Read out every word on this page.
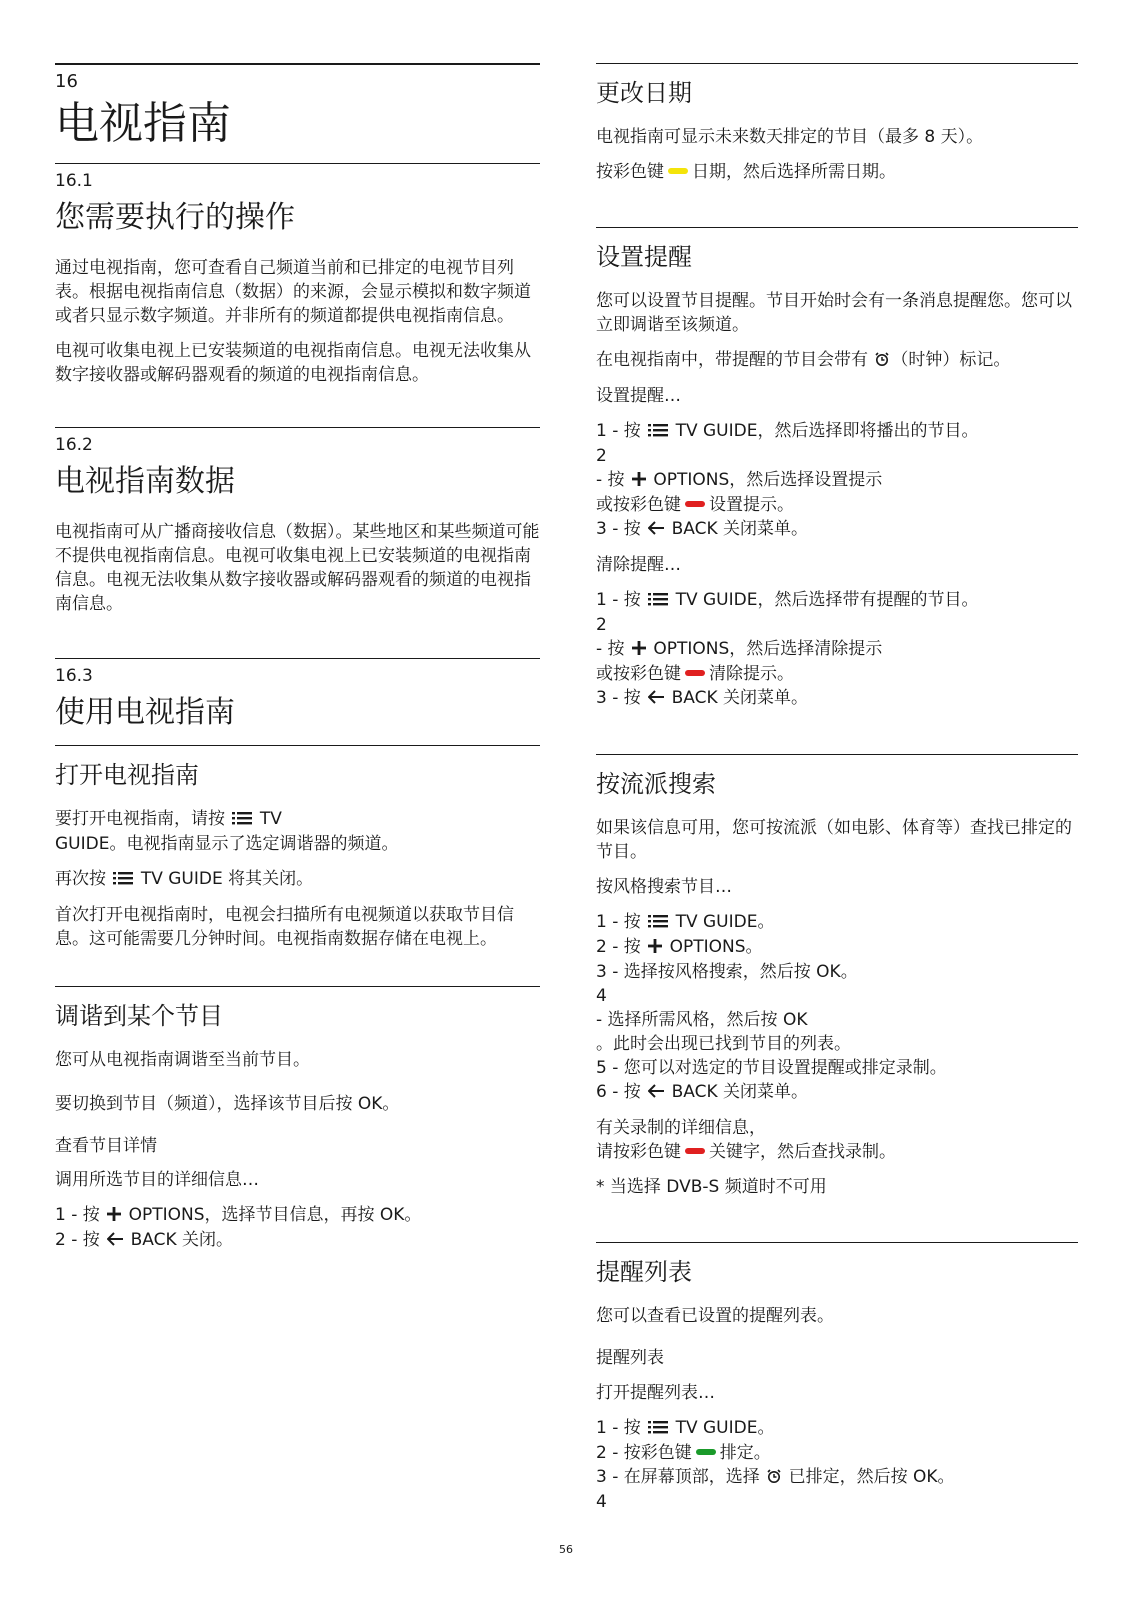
16
电视指南
16.1
您需要执行的操作

通过电视指南，您可查看自己频道当前和已排定的电视节目列表。根据电视指南信息（数据）的来源，会显示模拟和数字频道或者只显示数字频道。并非所有的频道都提供电视指南信息。

电视可收集电视上已安装频道的电视指南信息。电视无法收集从数字接收器或解码器观看的频道的电视指南信息。

16.2
电视指南数据

电视指南可从广播商接收信息（数据）。某些地区和某些频道可能不提供电视指南信息。电视可收集电视上已安装频道的电视指南信息。电视无法收集从数字接收器或解码器观看的频道的电视指南信息。

16.3
使用电视指南
打开电视指南
要打开电视指南，请按 TV
GUIDE。电视指南显示了选定调谐器的频道。

再次按 TV GUIDE 将其关闭。

首次打开电视指南时，电视会扫描所有电视频道以获取节目信息。这可能需要几分钟时间。电视指南数据存储在电视上。

调谐到某个节目

您可从电视指南调谐至当前节目。

要切换到节目（频道），选择该节目后按 OK。

查看节目详情

调用所选节目的详细信息…

1 - 按 OPTIONS，选择节目信息，再按 OK。
2 - 按 BACK 关闭。
更改日期

电视指南可显示未来数天排定的节目（最多 8 天）。

按彩色键 日期，然后选择所需日期。

设置提醒

您可以设置节目提醒。节目开始时会有一条消息提醒您。您可以立即调谐至该频道。

在电视指南中，带提醒的节目会带有 （时钟）标记。

设置提醒…

1 - 按 TV GUIDE，然后选择即将播出的节目。
2
- 按 OPTIONS，然后选择设置提示
或按彩色键 设置提示。
3 - 按 BACK 关闭菜单。

清除提醒…

1 - 按 TV GUIDE，然后选择带有提醒的节目。
2
- 按 OPTIONS，然后选择清除提示
或按彩色键 清除提示。
3 - 按 BACK 关闭菜单。
按流派搜索

如果该信息可用，您可按流派（如电影、体育等）查找已排定的节目。

按风格搜索节目…

1 - 按 TV GUIDE。
2 - 按 OPTIONS。
3 - 选择按风格搜索，然后按 OK。
4
- 选择所需风格，然后按 OK
。此时会出现已找到节目的列表。
5 - 您可以对选定的节目设置提醒或排定录制。
6 - 按 BACK 关闭菜单。
有关录制的详细信息，
请按彩色键 关键字，然后查找录制。

* 当选择 DVB-S 频道时不可用

提醒列表

您可以查看已设置的提醒列表。

提醒列表

打开提醒列表…

1 - 按 TV GUIDE。
2 - 按彩色键 排定。
3 - 在屏幕顶部，选择 已排定，然后按 OK。
4
56
